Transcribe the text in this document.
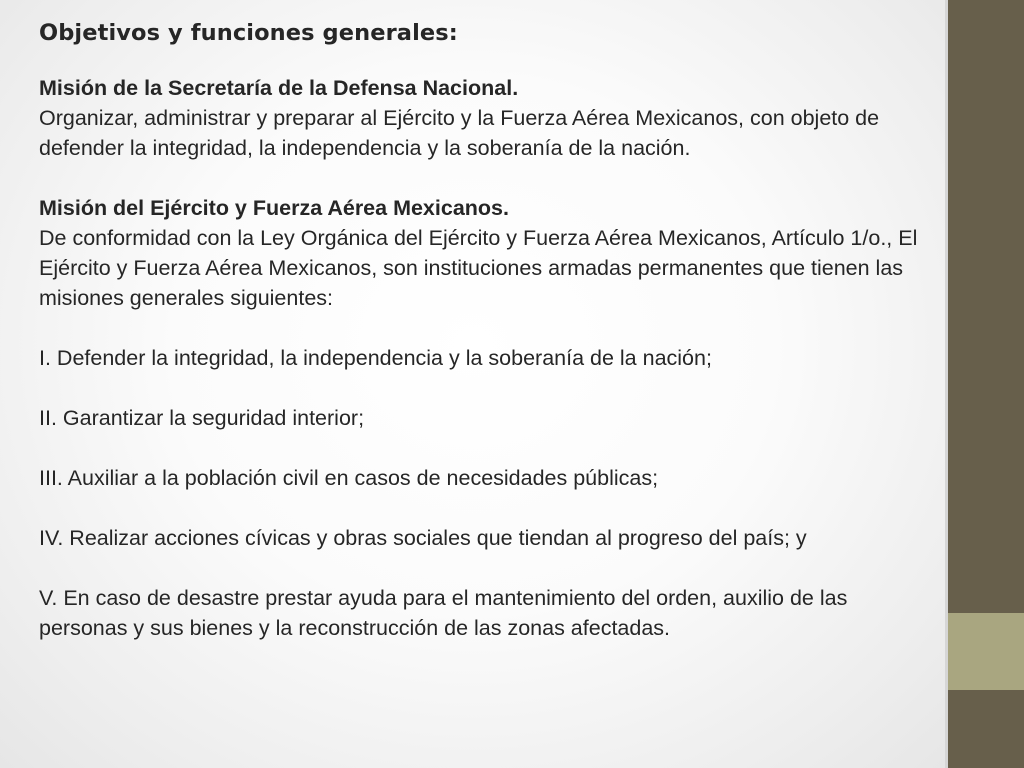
Objetivos y funciones generales:

Misión de la Secretaría de la Defensa Nacional.

Organizar, administrar y preparar al Ejército y la Fuerza Aérea Mexicanos, con objeto de defender la integridad, la independencia y la soberanía de la nación.

Misión del Ejército y Fuerza Aérea Mexicanos.

De conformidad con la Ley Orgánica del Ejército y Fuerza Aérea Mexicanos, Artículo 1/o., El Ejército y Fuerza Aérea Mexicanos, son instituciones armadas permanentes que tienen las misiones generales siguientes:

I. Defender la integridad, la independencia y la soberanía de la nación;

II. Garantizar la seguridad interior;

III. Auxiliar a la población civil en casos de necesidades públicas;

IV. Realizar acciones cívicas y obras sociales que tiendan al progreso del país; y

V. En caso de desastre prestar ayuda para el mantenimiento del orden, auxilio de las personas y sus bienes y la reconstrucción de las zonas afectadas.
